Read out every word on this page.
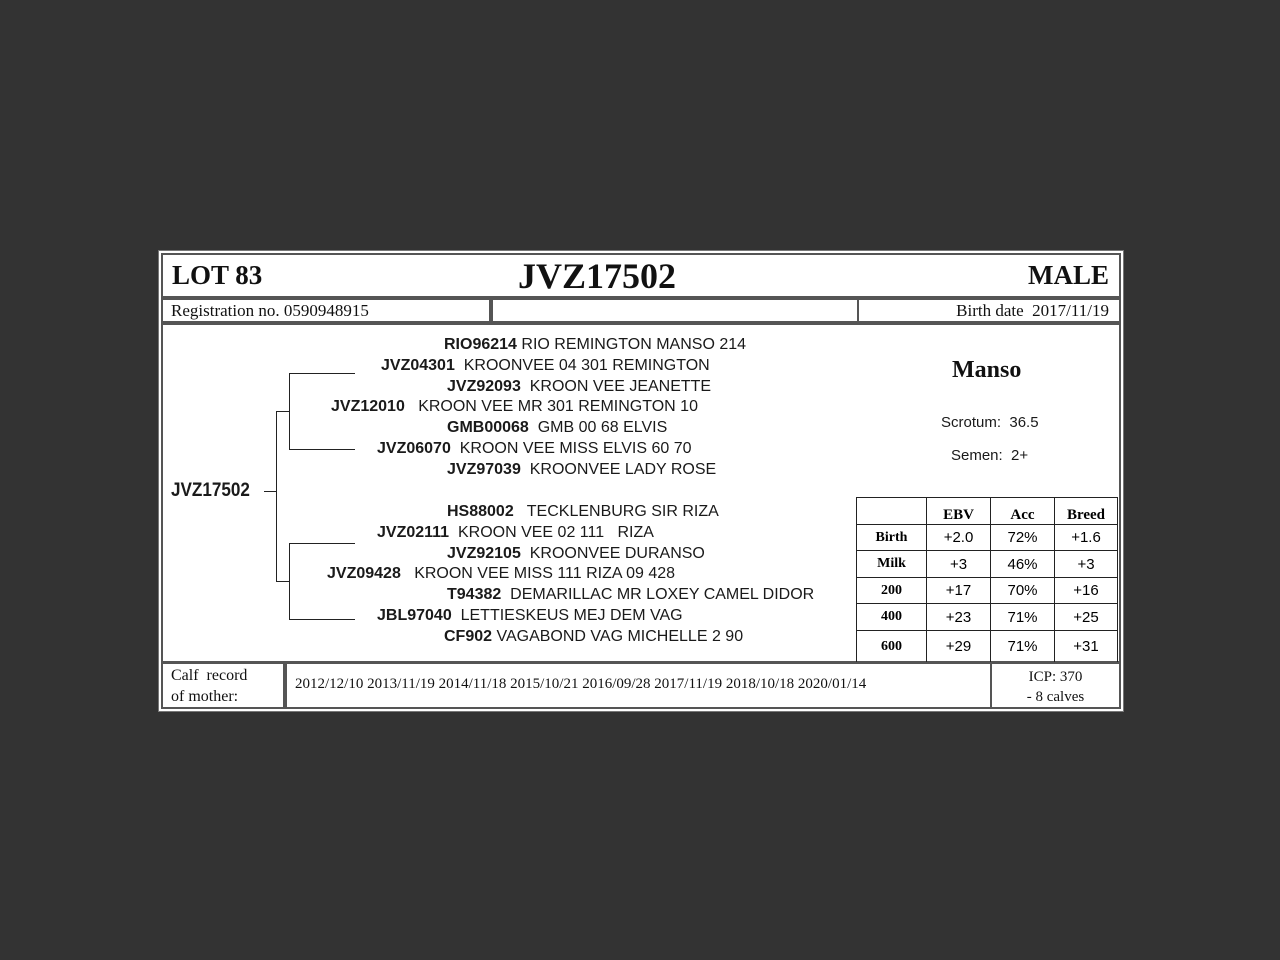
LOT 83	JVZ17502	MALE
Registration no. 0590948915	Birth date 2017/11/19
JVZ17502
RIO96214 RIO REMINGTON MANSO 214
JVZ04301 KROONVEE 04 301 REMINGTON
JVZ92093 KROON VEE JEANETTE
JVZ12010 KROON VEE MR 301 REMINGTON 10
GMB00068 GMB 00 68 ELVIS
JVZ06070 KROON VEE MISS ELVIS 60 70
JVZ97039 KROONVEE LADY ROSE
HS88002 TECKLENBURG SIR RIZA
JVZ02111 KROON VEE 02 111   RIZA
JVZ92105 KROONVEE DURANSO
JVZ09428 KROON VEE MISS 111 RIZA 09 428
T94382 DEMARILLAC MR LOXEY CAMEL DIDOR
JBL97040 LETTIESKEUS MEJ DEM VAG
CF902 VAGABOND VAG MICHELLE 2 90
Manso
Scrotum: 36.5
Semen: 2+
	EBV	Acc	Breed
Birth	+2.0	72%	+1.6
Milk	+3	46%	+3
200	+17	70%	+16
400	+23	71%	+25
600	+29	71%	+31
Calf  record
of mother:
2012/12/10 2013/11/19 2014/11/18 2015/10/21 2016/09/28 2017/11/19 2018/10/18 2020/01/14	ICP: 370
- 8 calves
